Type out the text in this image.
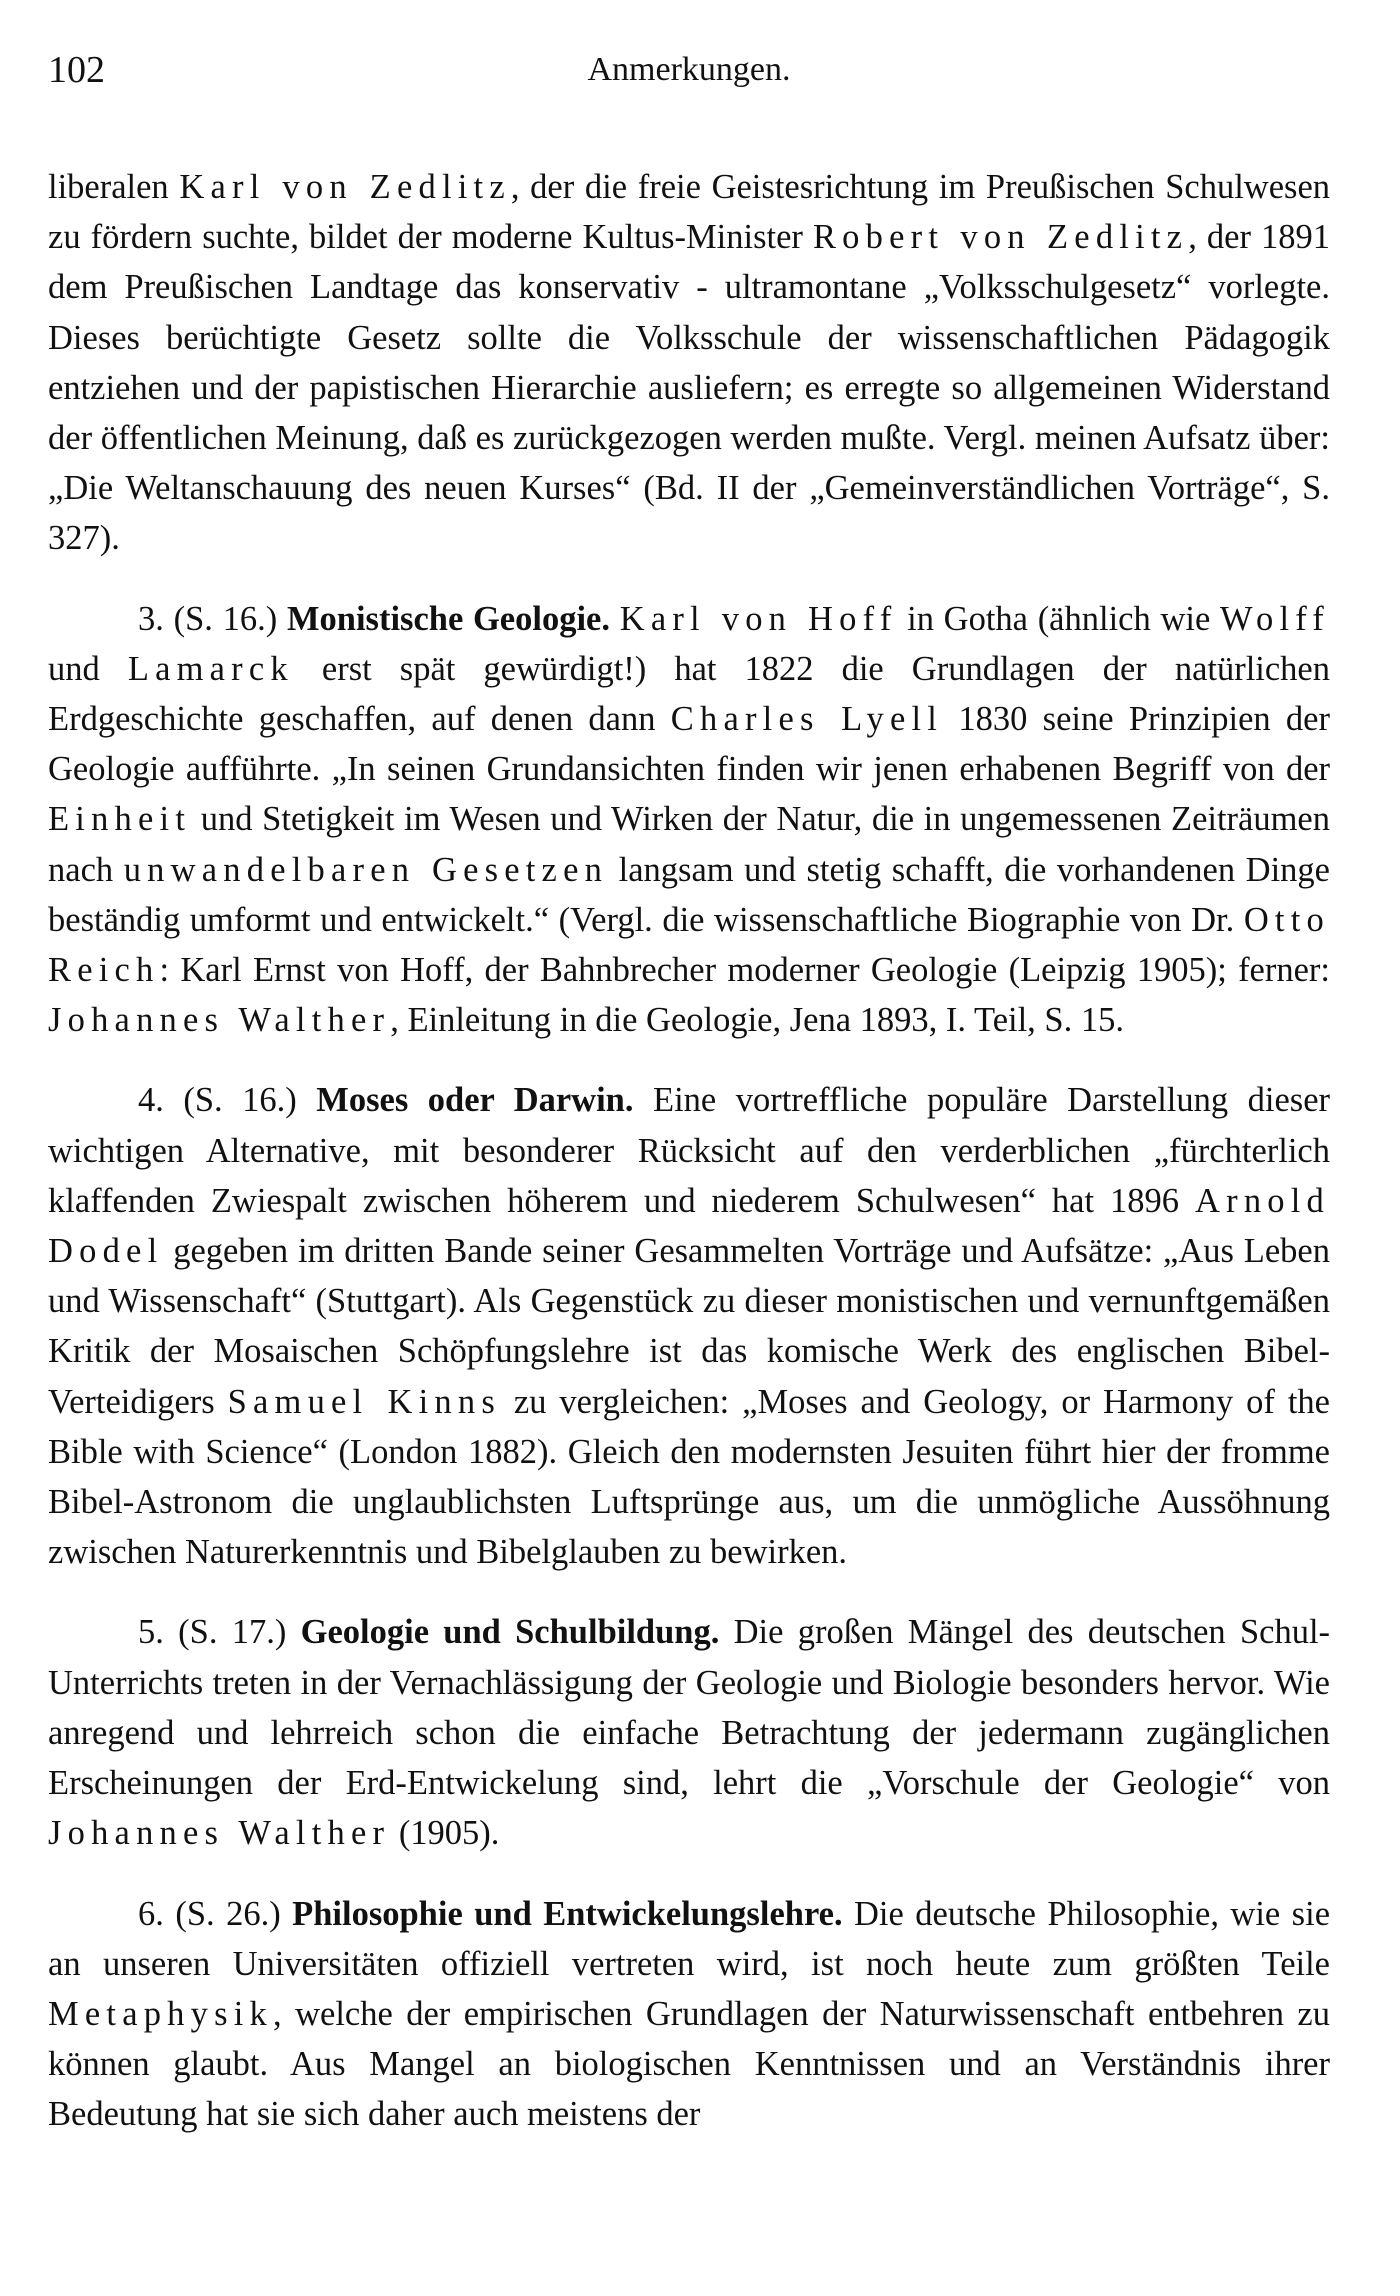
102	Anmerkungen.

liberalen Karl von Zedlitz, der die freie Geistesrichtung im Preußischen Schulwesen zu fördern suchte, bildet der moderne Kultus-Minister Robert von Zedlitz, der 1891 dem Preußischen Landtage das konservativ - ultramontane „Volksschulgesetz“ vorlegte. Dieses berüchtigte Gesetz sollte die Volksschule der wissenschaftlichen Pädagogik entziehen und der papistischen Hierarchie ausliefern; es erregte so allgemeinen Widerstand der öffentlichen Meinung, daß es zurückgezogen werden mußte. Vergl. meinen Aufsatz über: „Die Weltanschauung des neuen Kurses“ (Bd. II der „Gemeinverständlichen Vorträge“, S. 327).

3. (S. 16.) Monistische Geologie. Karl von Hoff in Gotha (ähnlich wie Wolff und Lamarck erst spät gewürdigt!) hat 1822 die Grundlagen der natürlichen Erdgeschichte geschaffen, auf denen dann Charles Lyell 1830 seine Prinzipien der Geologie aufführte. „In seinen Grundansichten finden wir jenen erhabenen Begriff von der Einheit und Stetigkeit im Wesen und Wirken der Natur, die in ungemessenen Zeiträumen nach unwandelbaren Gesetzen langsam und stetig schafft, die vorhandenen Dinge beständig umformt und entwickelt.“ (Vergl. die wissenschaftliche Biographie von Dr. Otto Reich: Karl Ernst von Hoff, der Bahnbrecher moderner Geologie (Leipzig 1905); ferner: Johannes Walther, Einleitung in die Geologie, Jena 1893, I. Teil, S. 15.

4. (S. 16.) Moses oder Darwin. Eine vortreffliche populäre Darstellung dieser wichtigen Alternative, mit besonderer Rücksicht auf den verderblichen „fürchterlich klaffenden Zwiespalt zwischen höherem und niederem Schulwesen“ hat 1896 Arnold Dodel gegeben im dritten Bande seiner Gesammelten Vorträge und Aufsätze: „Aus Leben und Wissenschaft“ (Stuttgart). Als Gegenstück zu dieser monistischen und vernunftgemäßen Kritik der Mosaischen Schöpfungslehre ist das komische Werk des englischen Bibel-Verteidigers Samuel Kinns zu vergleichen: „Moses and Geology, or Harmony of the Bible with Science“ (London 1882). Gleich den modernsten Jesuiten führt hier der fromme Bibel-Astronom die unglaublichsten Luftsprünge aus, um die unmögliche Aussöhnung zwischen Naturerkenntnis und Bibelglauben zu bewirken.

5. (S. 17.) Geologie und Schulbildung. Die großen Mängel des deutschen Schul-Unterrichts treten in der Vernachlässigung der Geologie und Biologie besonders hervor. Wie anregend und lehrreich schon die einfache Betrachtung der jedermann zugänglichen Erscheinungen der Erd-Entwickelung sind, lehrt die „Vorschule der Geologie“ von Johannes Walther (1905).

6. (S. 26.) Philosophie und Entwickelungslehre. Die deutsche Philosophie, wie sie an unseren Universitäten offiziell vertreten wird, ist noch heute zum größten Teile Metaphysik, welche der empirischen Grundlagen der Naturwissenschaft entbehren zu können glaubt. Aus Mangel an biologischen Kenntnissen und an Verständnis ihrer Bedeutung hat sie sich daher auch meistens der
